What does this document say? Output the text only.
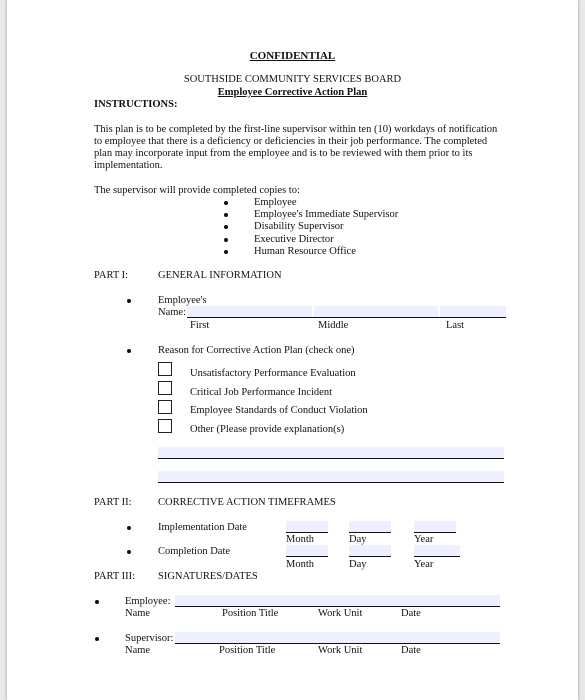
CONFIDENTIAL
SOUTHSIDE COMMUNITY SERVICES BOARD
Employee Corrective Action Plan
INSTRUCTIONS:
This plan is to be completed by the first-line supervisor within ten (10) workdays of notification
to employee that there is a deficiency or deficiencies in their job performance. The completed
plan may incorporate input from the employee and is to be reviewed with them prior to its
implementation.
The supervisor will provide completed copies to:
Employee
Employee's Immediate Supervisor
Disability Supervisor
Executive Director
Human Resource Office
PART I:	GENERAL INFORMATION
Employee's
Name:
First	Middle	Last
Reason for Corrective Action Plan (check one)
Unsatisfactory Performance Evaluation
Critical Job Performance Incident
Employee Standards of Conduct Violation
Other (Please provide explanation(s)
PART II:	CORRECTIVE ACTION TIMEFRAMES
Implementation Date
Month	Day	Year
Completion Date
Month	Day	Year
PART III: SIGNATURES/DATES
Employee:
Name	Position Title	Work Unit	Date
Supervisor:
Name	Position Title	Work Unit	Date
